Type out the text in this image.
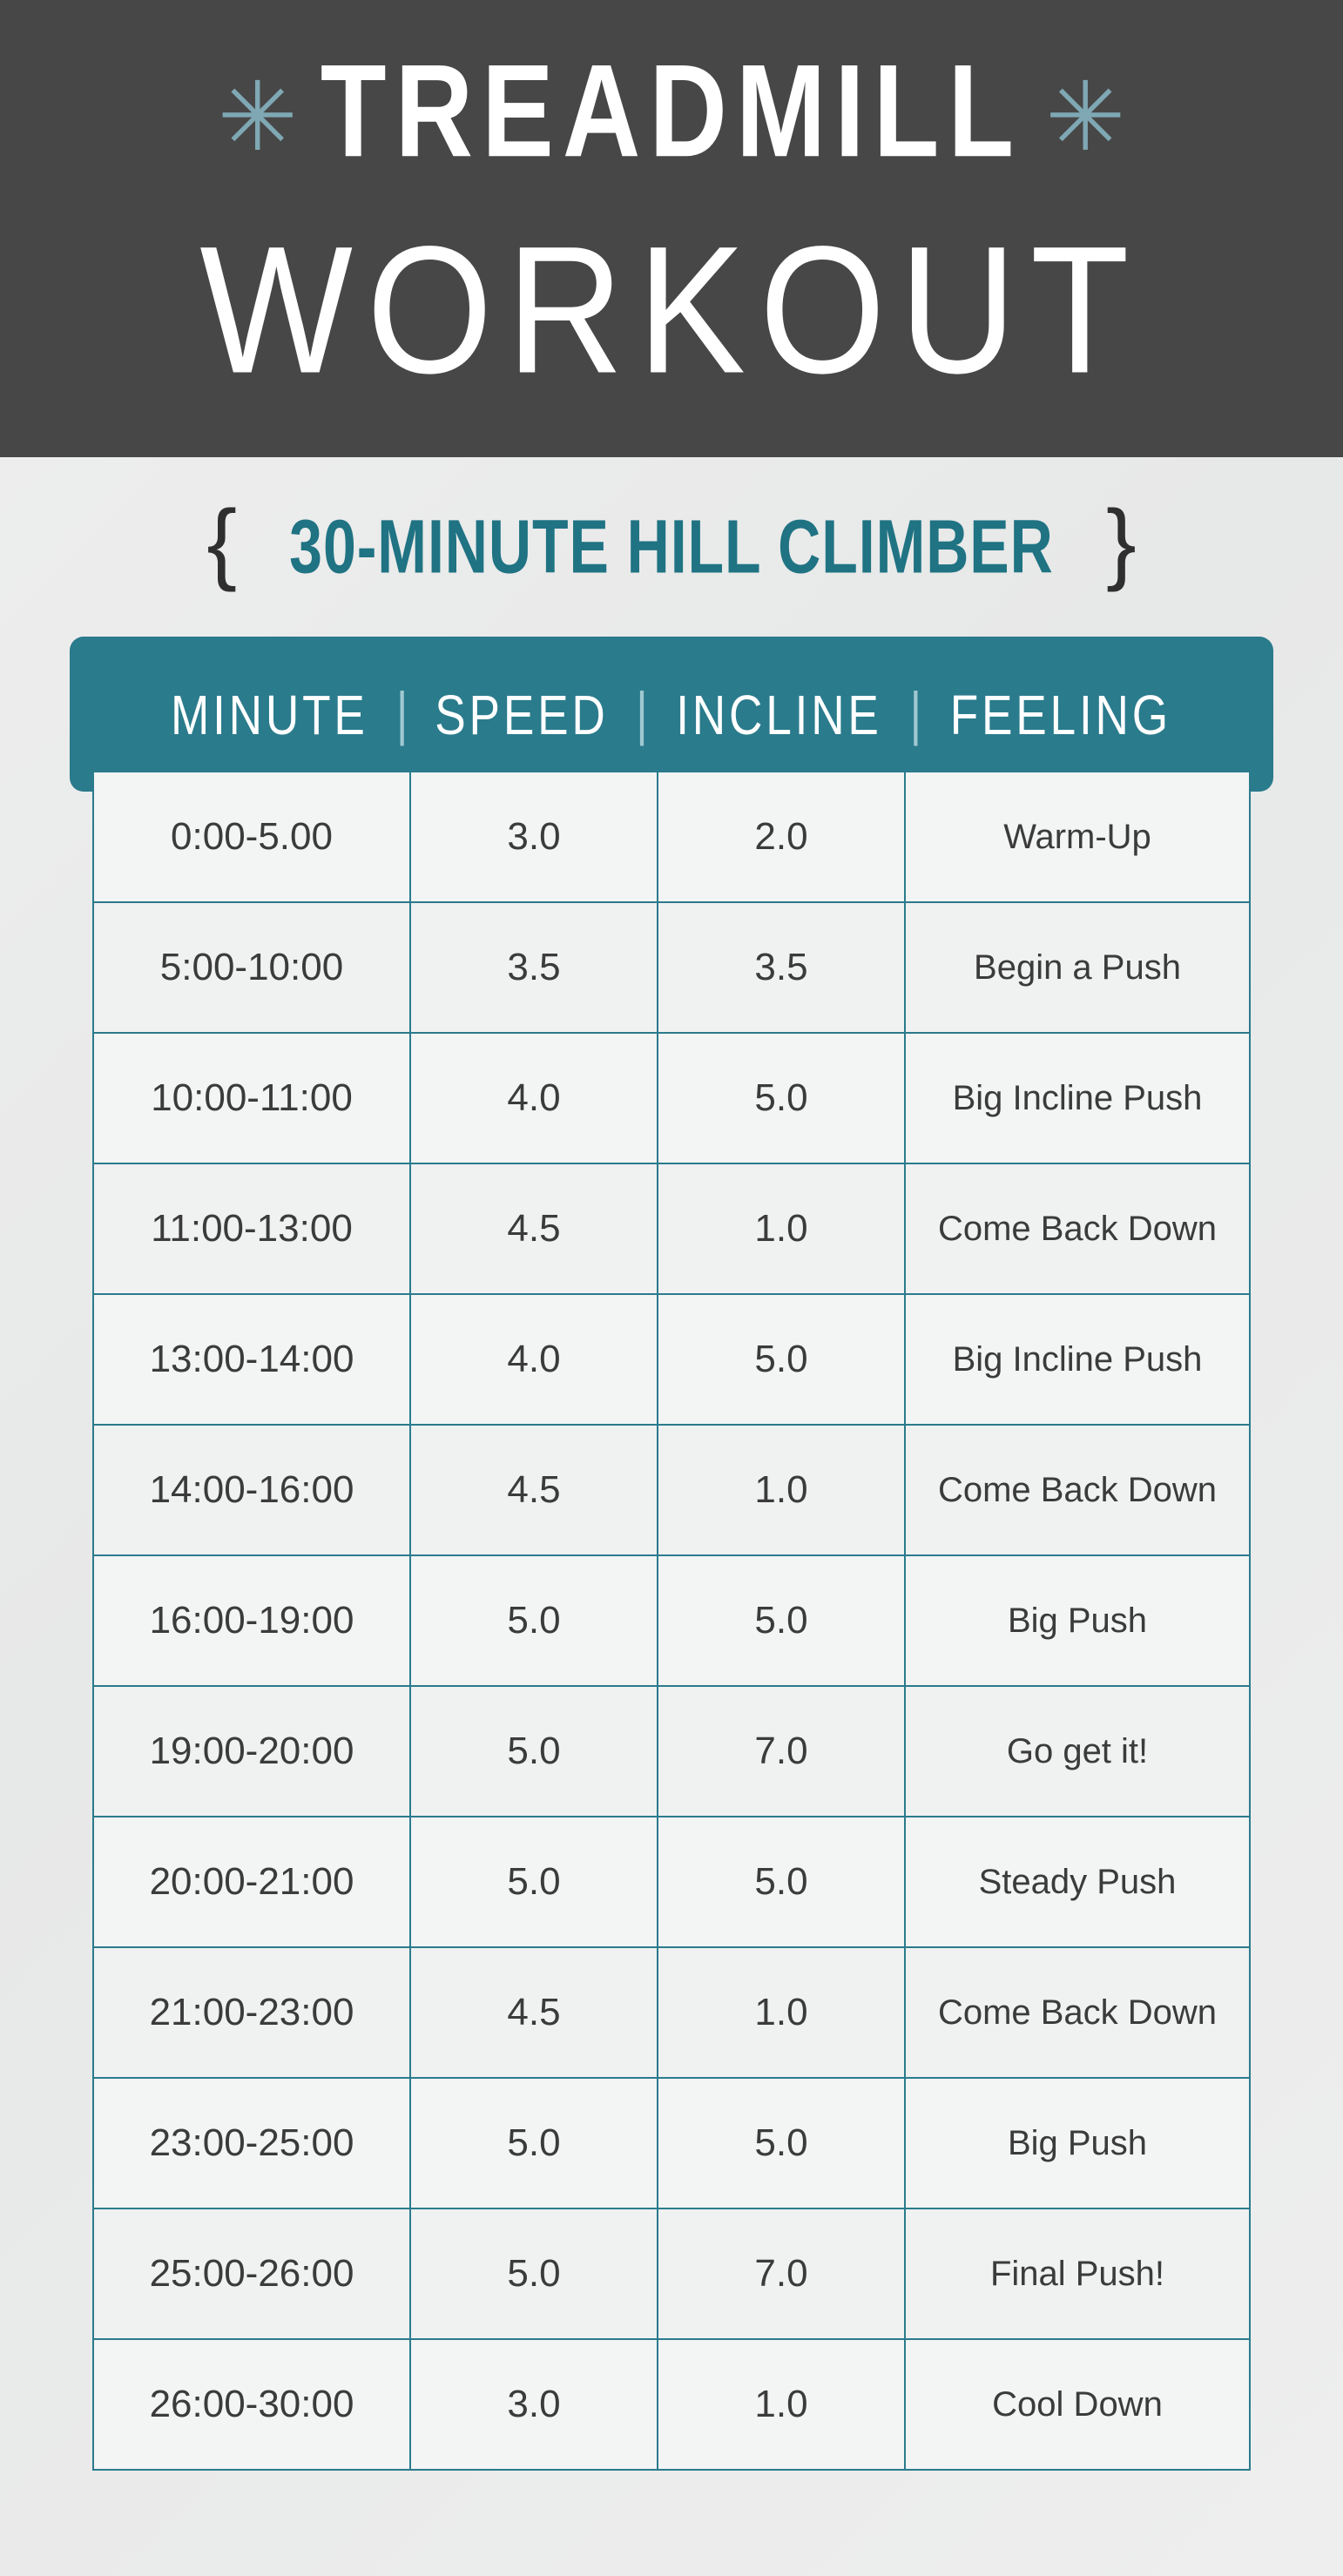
✳ TREADMILL ✳
WORKOUT
{ 30-MINUTE HILL CLIMBER }
MINUTE | SPEED | INCLINE | FEELING
0:00-5.00	3.0	2.0	Warm-Up
5:00-10:00	3.5	3.5	Begin a Push
10:00-11:00	4.0	5.0	Big Incline Push
11:00-13:00	4.5	1.0	Come Back Down
13:00-14:00	4.0	5.0	Big Incline Push
14:00-16:00	4.5	1.0	Come Back Down
16:00-19:00	5.0	5.0	Big Push
19:00-20:00	5.0	7.0	Go get it!
20:00-21:00	5.0	5.0	Steady Push
21:00-23:00	4.5	1.0	Come Back Down
23:00-25:00	5.0	5.0	Big Push
25:00-26:00	5.0	7.0	Final Push!
26:00-30:00	3.0	1.0	Cool Down
